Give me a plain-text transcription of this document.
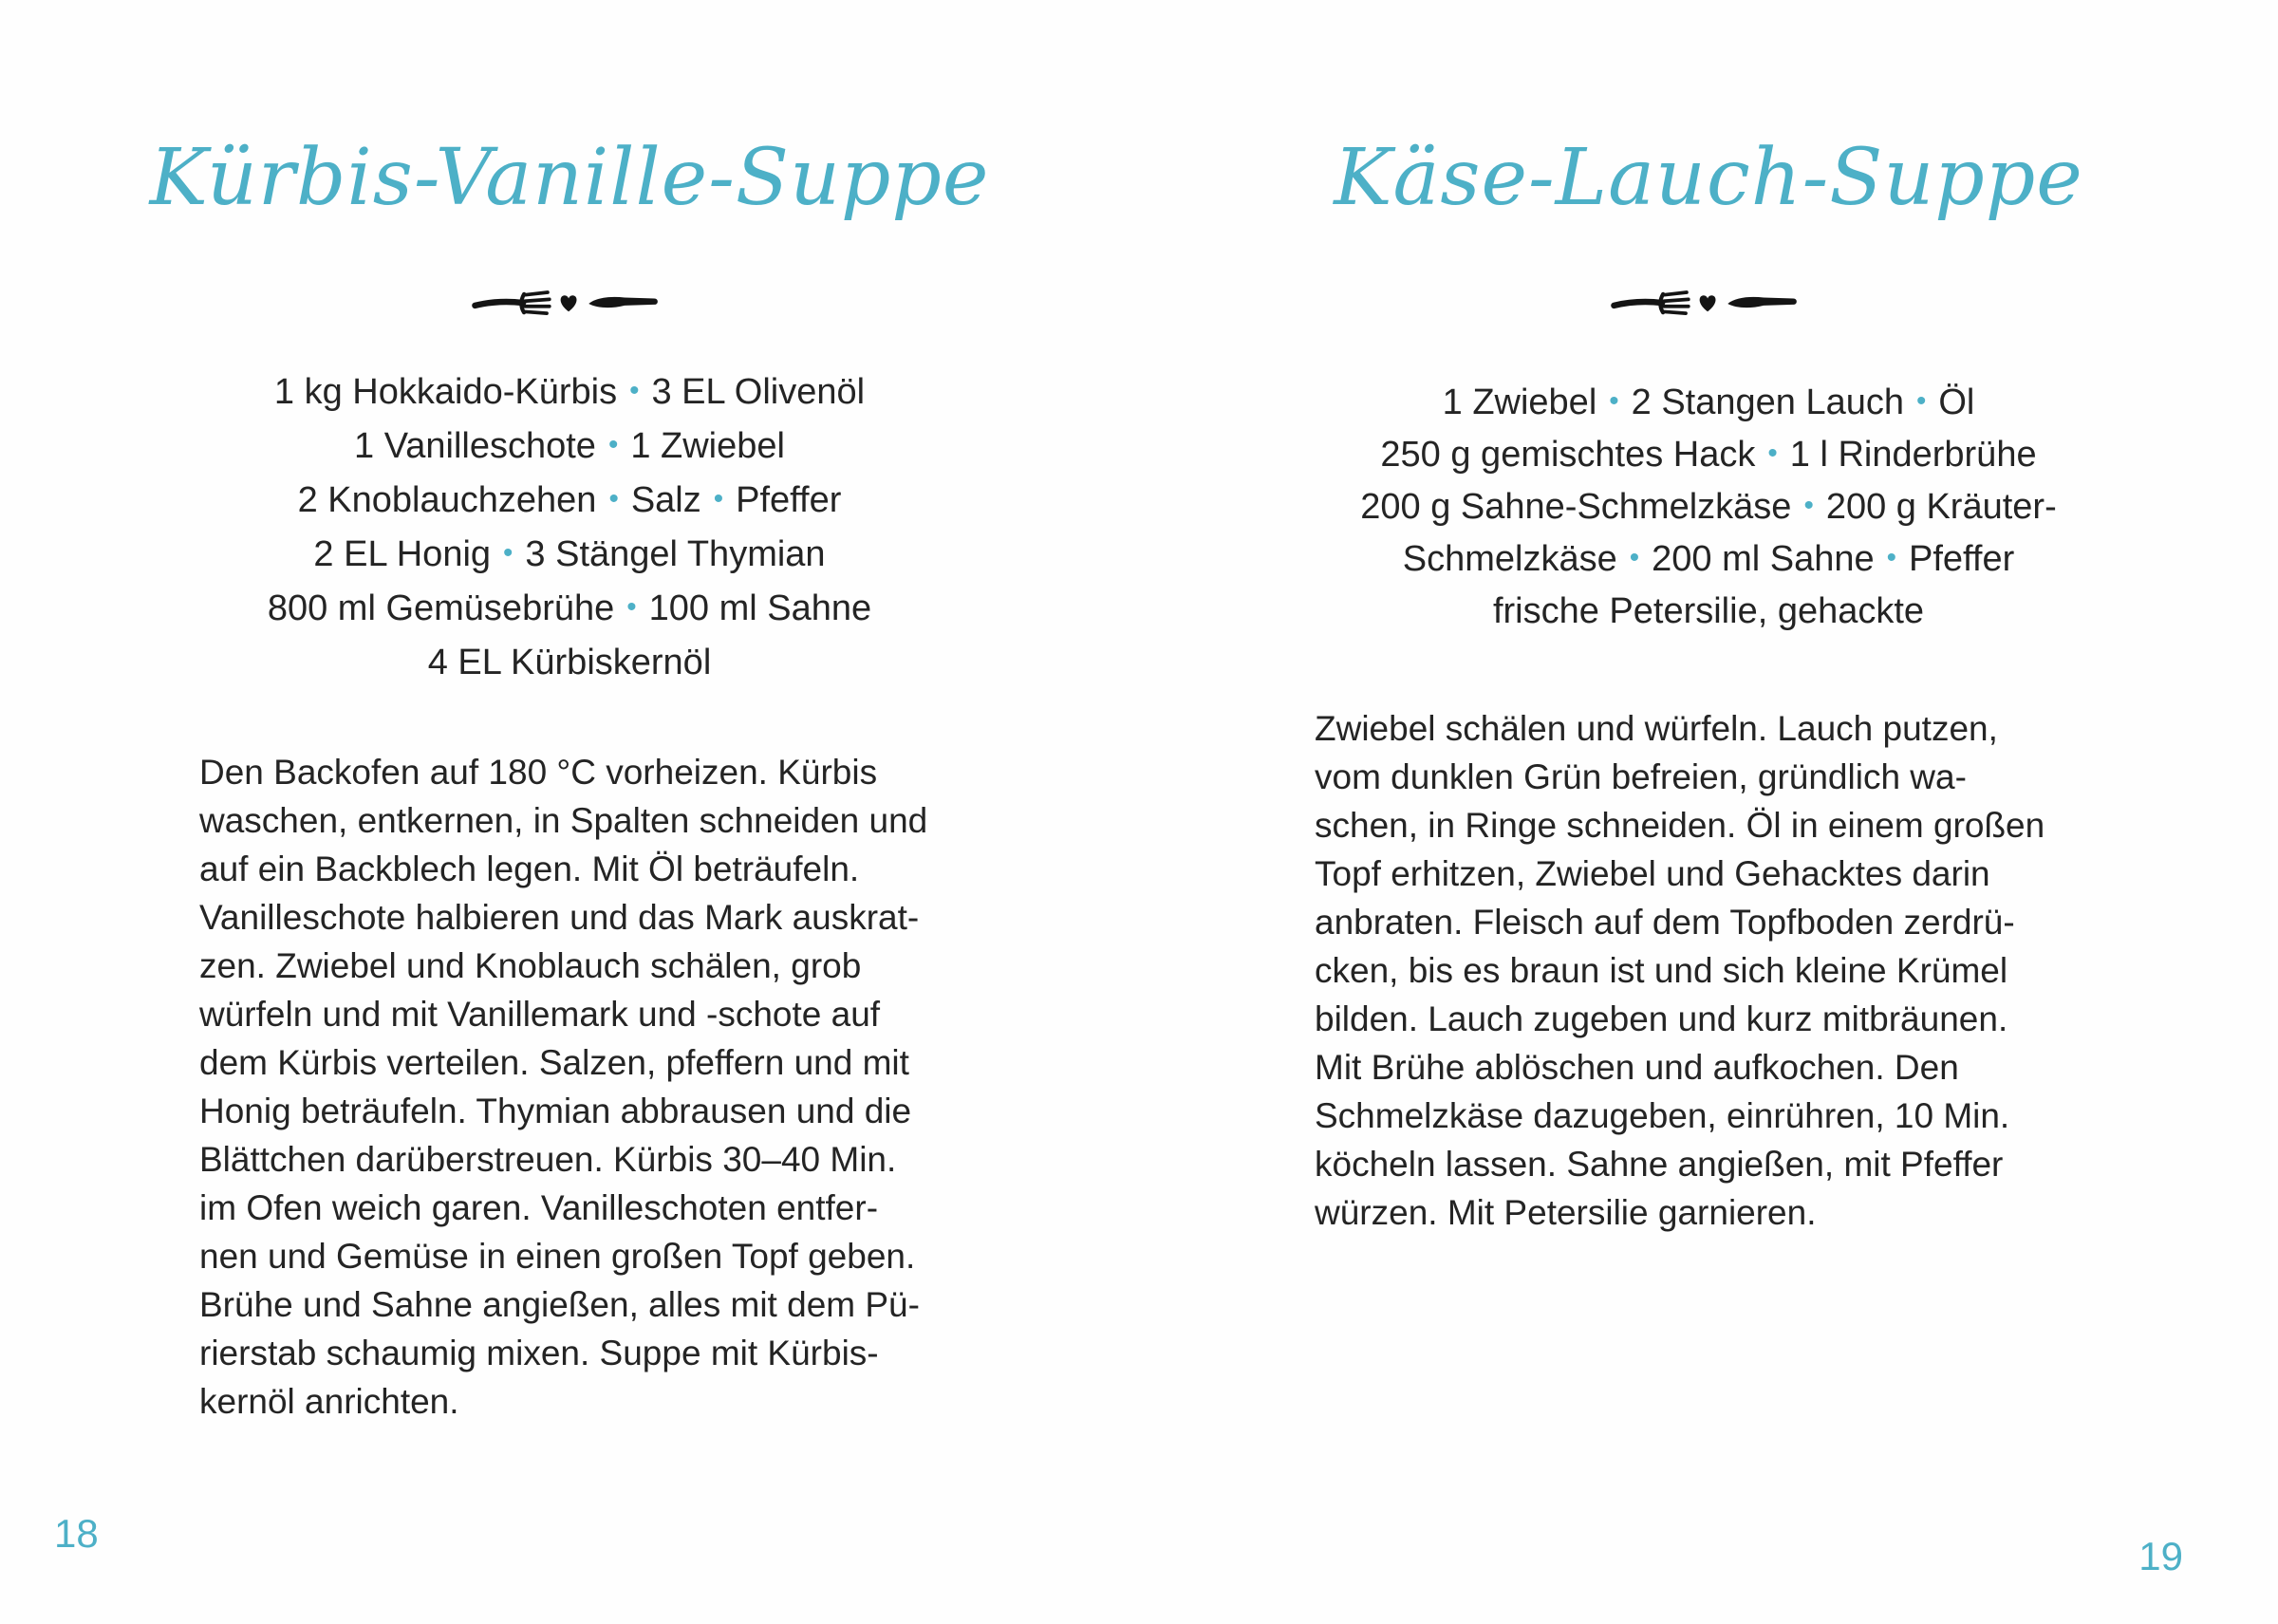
Kürbis-Vanille-Suppe
1 kg Hokkaido-Kürbis • 3 EL Olivenöl
1 Vanilleschote • 1 Zwiebel
2 Knoblauchzehen • Salz • Pfeffer
2 EL Honig • 3 Stängel Thymian
800 ml Gemüsebrühe • 100 ml Sahne
4 EL Kürbiskernöl
Den Backofen auf 180 °C vorheizen. Kürbis
waschen, entkernen, in Spalten schneiden und
auf ein Backblech legen. Mit Öl beträufeln.
Vanilleschote halbieren und das Mark auskrat-
zen. Zwiebel und Knoblauch schälen, grob
würfeln und mit Vanillemark und -schote auf
dem Kürbis verteilen. Salzen, pfeffern und mit
Honig beträufeln. Thymian abbrausen und die
Blättchen darüberstreuen. Kürbis 30–40 Min.
im Ofen weich garen. Vanilleschoten entfer-
nen und Gemüse in einen großen Topf geben.
Brühe und Sahne angießen, alles mit dem Pü-
rierstab schaumig mixen. Suppe mit Kürbis-
kernöl anrichten.
18
Käse-Lauch-Suppe
1 Zwiebel • 2 Stangen Lauch • Öl
250 g gemischtes Hack • 1 l Rinderbrühe
200 g Sahne-Schmelzkäse • 200 g Kräuter-
Schmelzkäse • 200 ml Sahne • Pfeffer
frische Petersilie, gehackte
Zwiebel schälen und würfeln. Lauch putzen,
vom dunklen Grün befreien, gründlich wa-
schen, in Ringe schneiden. Öl in einem großen
Topf erhitzen, Zwiebel und Gehacktes darin
anbraten. Fleisch auf dem Topfboden zerdrü-
cken, bis es braun ist und sich kleine Krümel
bilden. Lauch zugeben und kurz mitbräunen.
Mit Brühe ablöschen und aufkochen. Den
Schmelzkäse dazugeben, einrühren, 10 Min.
köcheln lassen. Sahne angießen, mit Pfeffer
würzen. Mit Petersilie garnieren.
19
